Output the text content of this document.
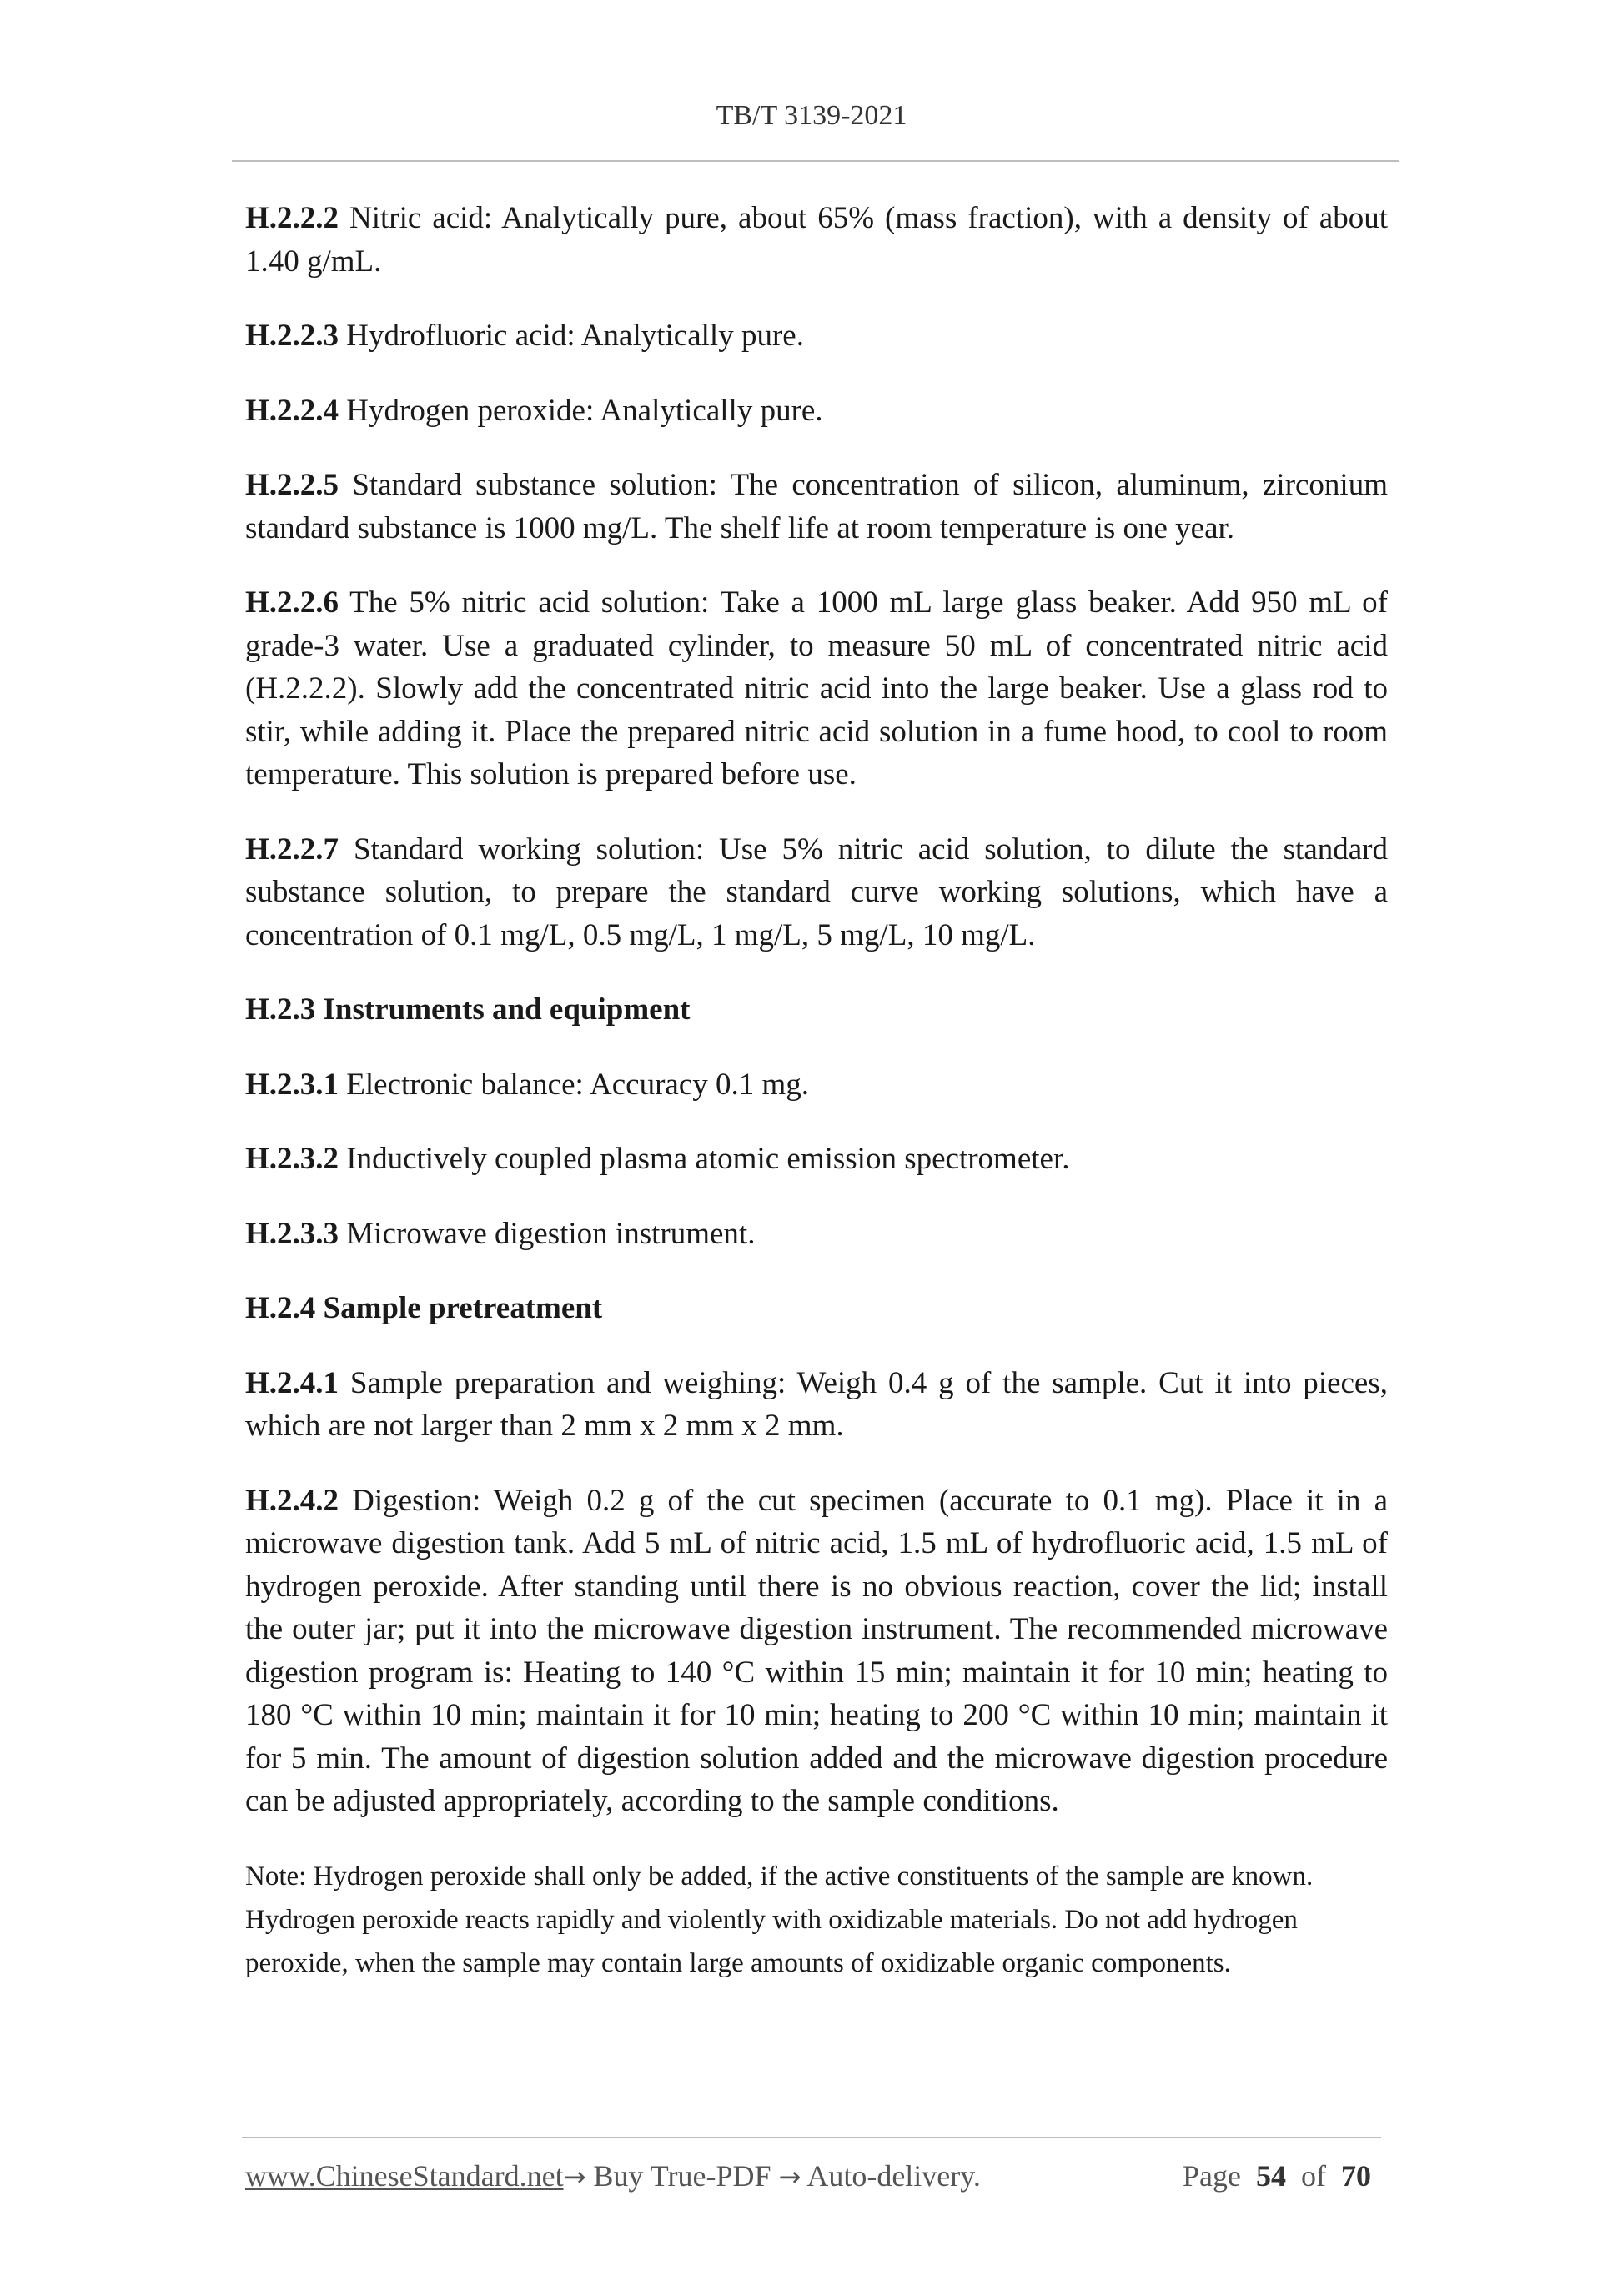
TB/T 3139-2021

H.2.2.2 Nitric acid: Analytically pure, about 65% (mass fraction), with a density of about 1.40 g/mL.

H.2.2.3 Hydrofluoric acid: Analytically pure.

H.2.2.4 Hydrogen peroxide: Analytically pure.

H.2.2.5 Standard substance solution: The concentration of silicon, aluminum, zirconium standard substance is 1000 mg/L. The shelf life at room temperature is one year.

H.2.2.6 The 5% nitric acid solution: Take a 1000 mL large glass beaker. Add 950 mL of grade-3 water. Use a graduated cylinder, to measure 50 mL of concentrated nitric acid (H.2.2.2). Slowly add the concentrated nitric acid into the large beaker. Use a glass rod to stir, while adding it. Place the prepared nitric acid solution in a fume hood, to cool to room temperature. This solution is prepared before use.

H.2.2.7 Standard working solution: Use 5% nitric acid solution, to dilute the standard substance solution, to prepare the standard curve working solutions, which have a concentration of 0.1 mg/L, 0.5 mg/L, 1 mg/L, 5 mg/L, 10 mg/L.

H.2.3 Instruments and equipment

H.2.3.1 Electronic balance: Accuracy 0.1 mg.

H.2.3.2 Inductively coupled plasma atomic emission spectrometer.

H.2.3.3 Microwave digestion instrument.

H.2.4 Sample pretreatment

H.2.4.1 Sample preparation and weighing: Weigh 0.4 g of the sample. Cut it into pieces, which are not larger than 2 mm x 2 mm x 2 mm.

H.2.4.2 Digestion: Weigh 0.2 g of the cut specimen (accurate to 0.1 mg). Place it in a microwave digestion tank. Add 5 mL of nitric acid, 1.5 mL of hydrofluoric acid, 1.5 mL of hydrogen peroxide. After standing until there is no obvious reaction, cover the lid; install the outer jar; put it into the microwave digestion instrument. The recommended microwave digestion program is: Heating to 140 °C within 15 min; maintain it for 10 min; heating to 180 °C within 10 min; maintain it for 10 min; heating to 200 °C within 10 min; maintain it for 5 min. The amount of digestion solution added and the microwave digestion procedure can be adjusted appropriately, according to the sample conditions.

Note: Hydrogen peroxide shall only be added, if the active constituents of the sample are known. Hydrogen peroxide reacts rapidly and violently with oxidizable materials. Do not add hydrogen peroxide, when the sample may contain large amounts of oxidizable organic components.

www.ChineseStandard.net→ Buy True-PDF → Auto-delivery.	Page 54 of 70
